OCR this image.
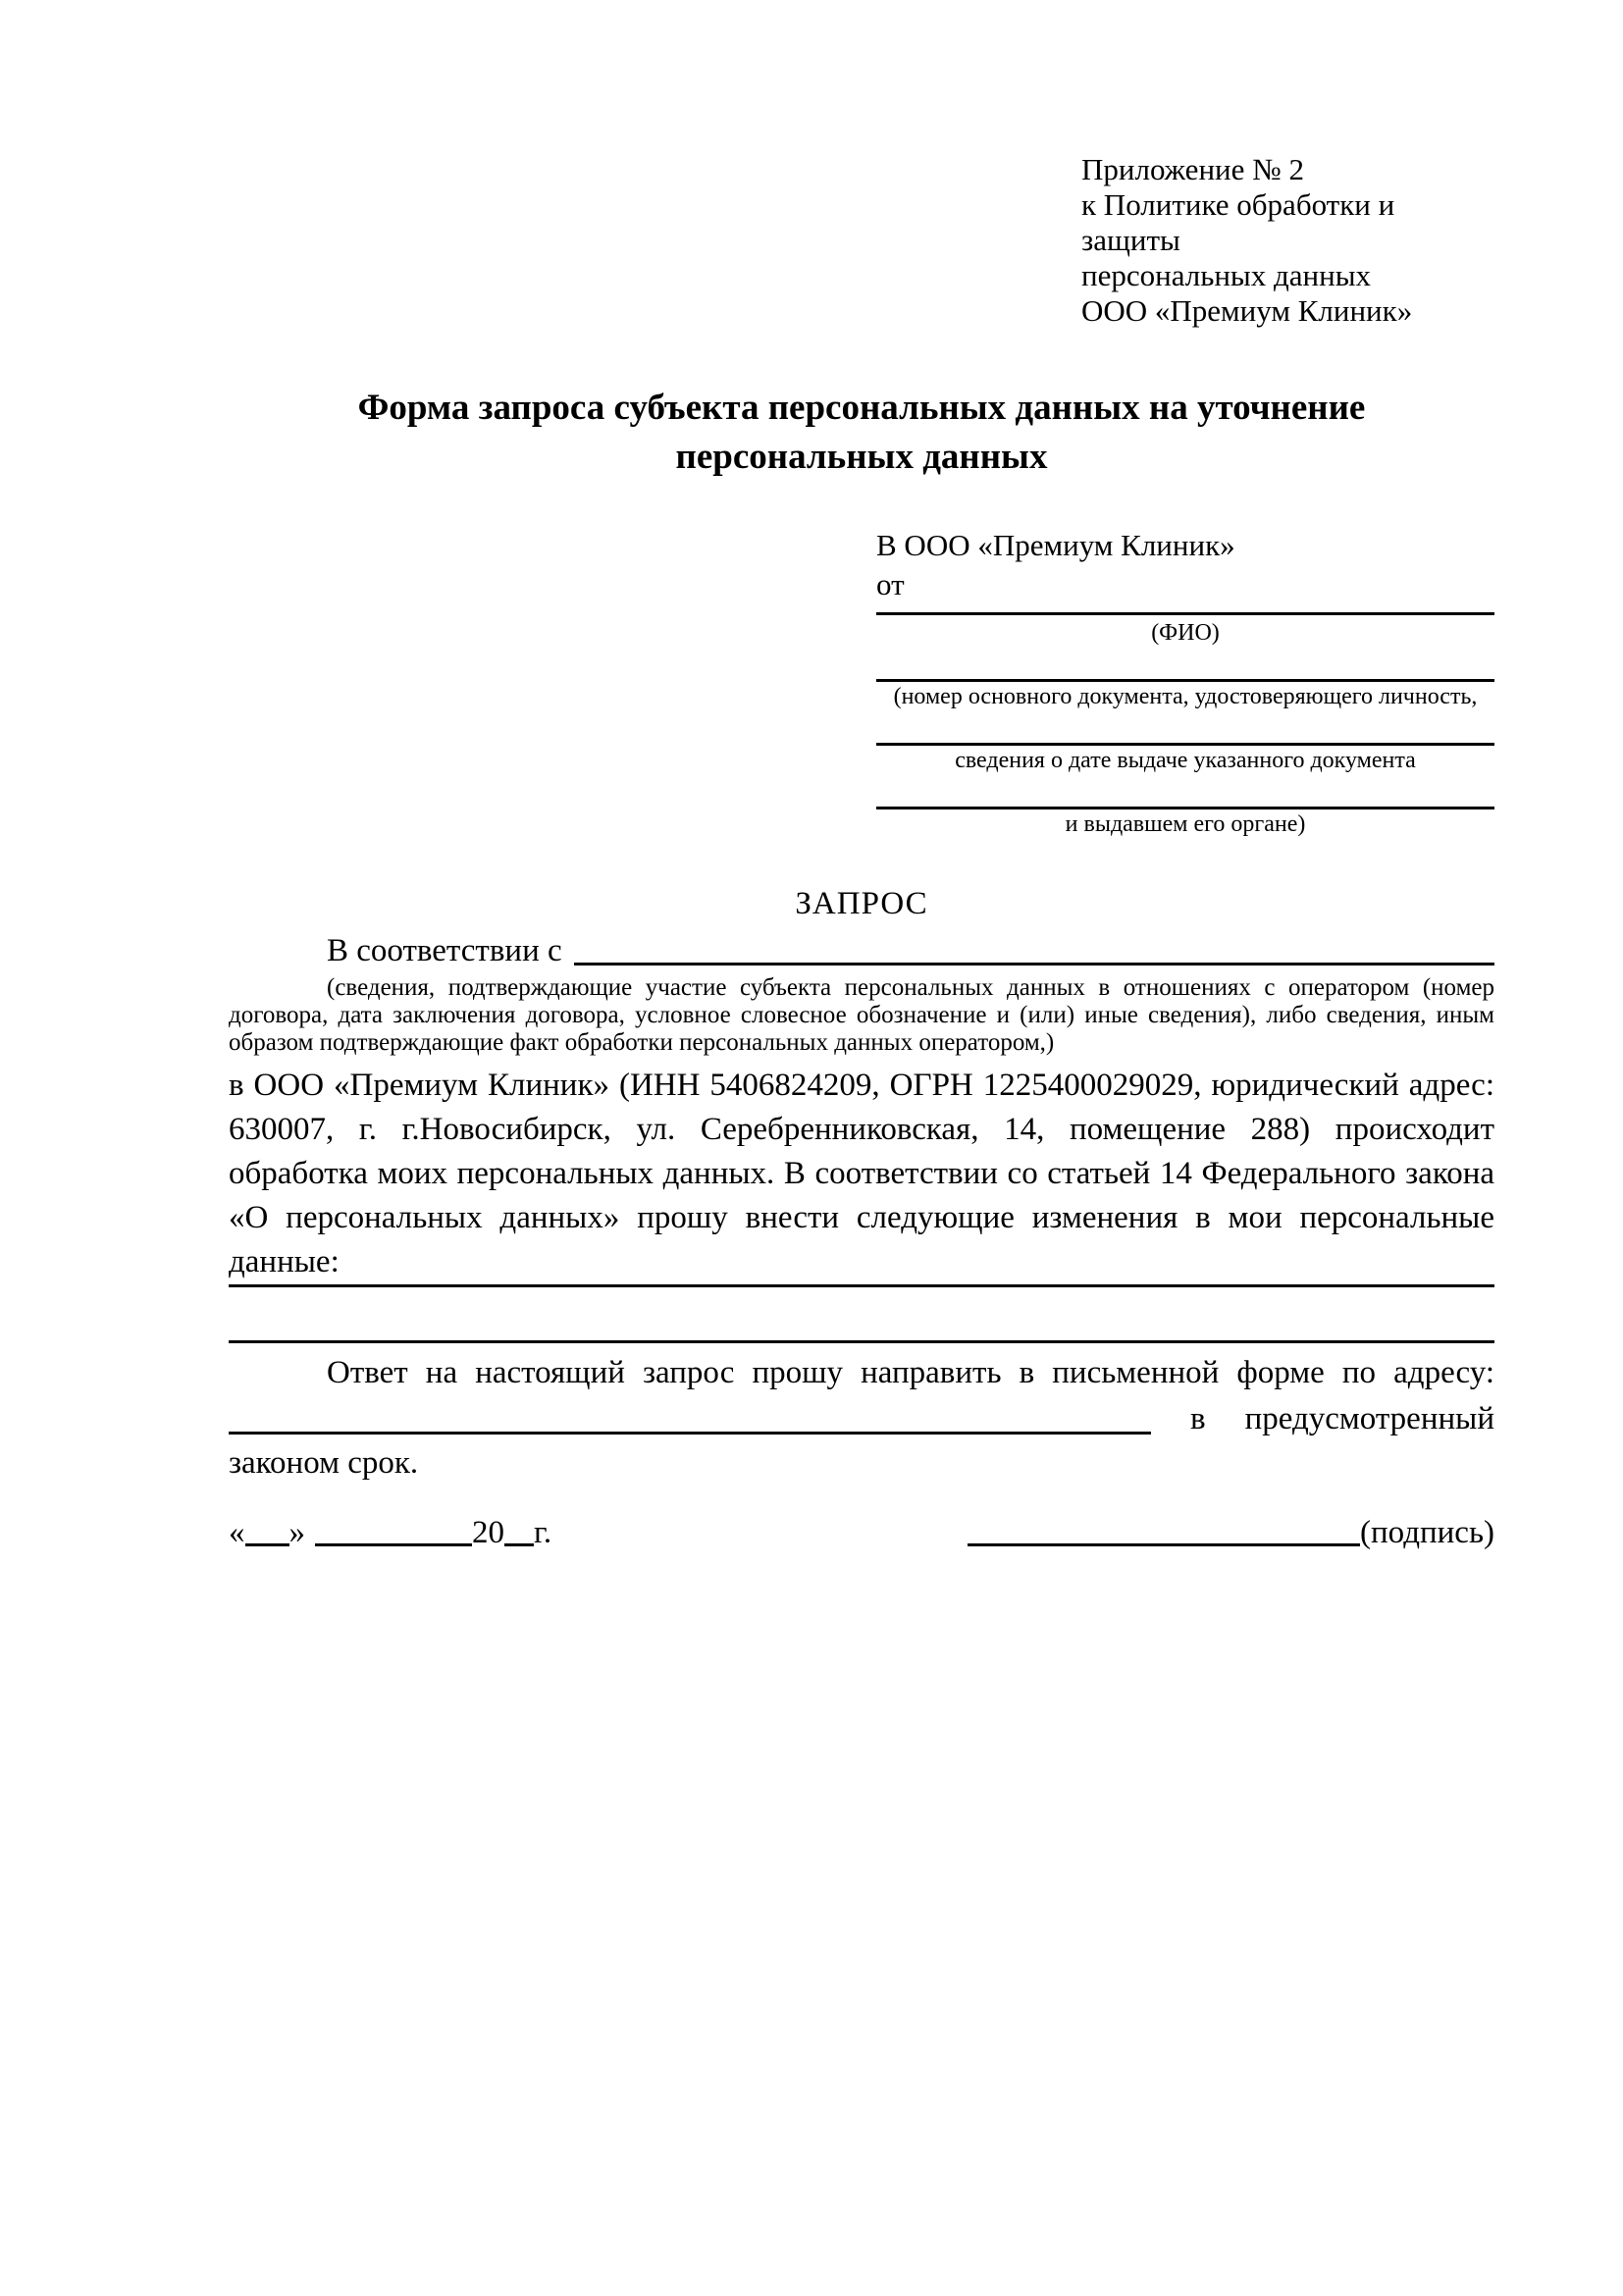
Приложение № 2
к Политике обработки и защиты
персональных данных
ООО «Премиум Клиник»
Форма запроса субъекта персональных данных на уточнение
персональных данных
В ООО «Премиум Клиник»
от
(ФИО)
(номер основного документа, удостоверяющего личность,
сведения о дате выдаче указанного документа
и выдавшем его органе)
ЗАПРОС
В соответствии с

(сведения, подтверждающие участие субъекта персональных данных в отношениях с оператором (номер договора, дата заключения договора, условное словесное обозначение и (или) иные сведения), либо сведения, иным образом подтверждающие факт обработки персональных данных оператором,)

в ООО «Премиум Клиник» (ИНН 5406824209, ОГРН 1225400029029, юридический адрес: 630007, г. г.Новосибирск, ул. Серебренниковская, 14, помещение 288) происходит обработка моих персональных данных. В соответствии со статьей 14 Федерального закона «О персональных данных» прошу внести следующие изменения в мои персональные данные:

Ответ на настоящий запрос прошу направить в письменной форме по адресу:
в предусмотренный
законом срок.
« »	20 г.	(подпись)
